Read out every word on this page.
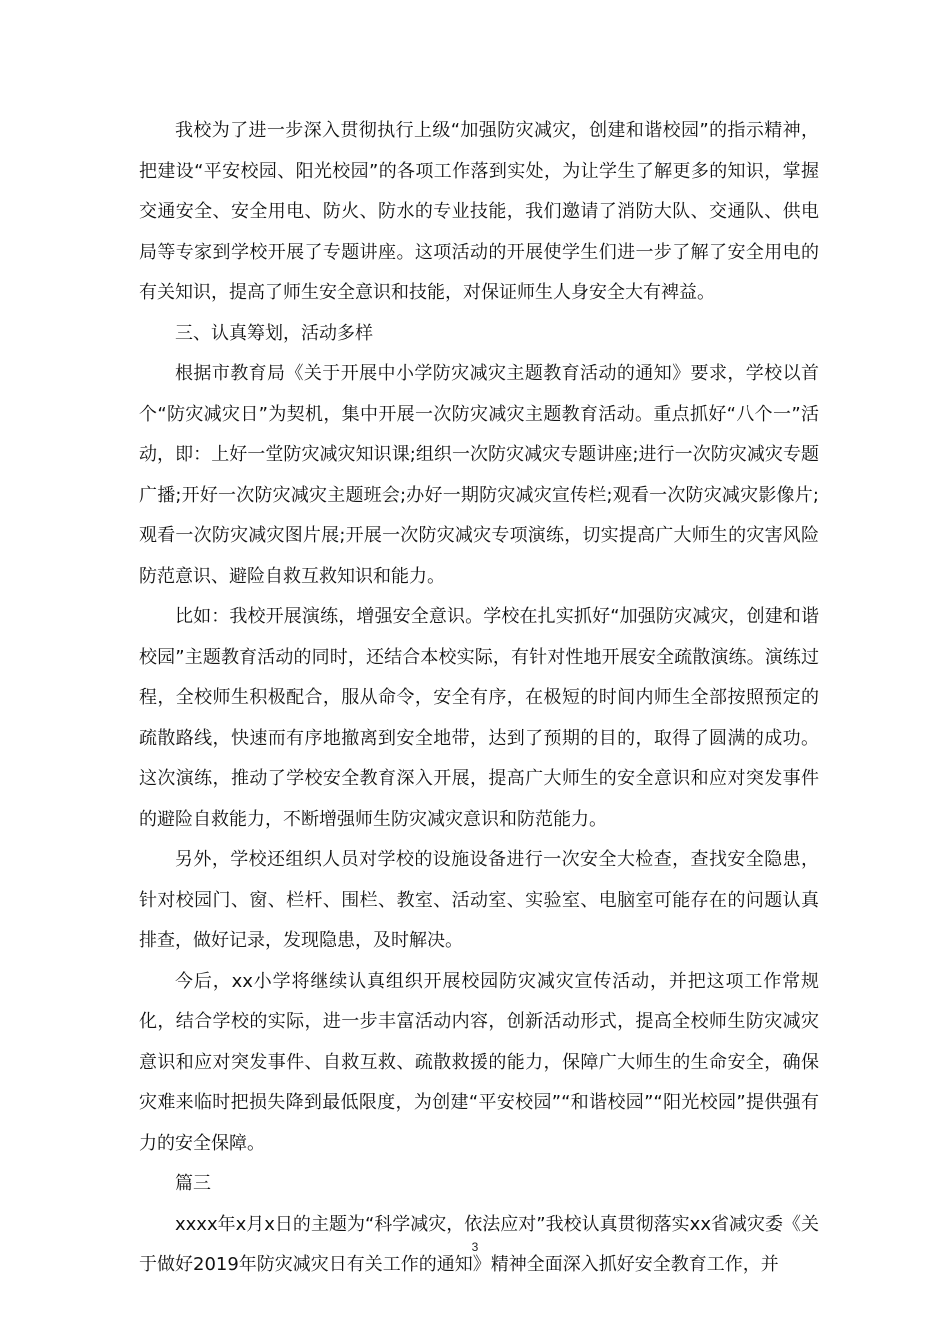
我校为了进一步深入贯彻执行上级“加强防灾减灾，创建和谐校园”的指示精神，把建设“平安校园、阳光校园”的各项工作落到实处，为让学生了解更多的知识，掌握交通安全、安全用电、防火、防水的专业技能，我们邀请了消防大队、交通队、供电局等专家到学校开展了专题讲座。这项活动的开展使学生们进一步了解了安全用电的有关知识，提高了师生安全意识和技能，对保证师生人身安全大有裨益。

三、认真筹划，活动多样

根据市教育局《关于开展中小学防灾减灾主题教育活动的通知》要求，学校以首个“防灾减灾日”为契机，集中开展一次防灾减灾主题教育活动。重点抓好“八个一”活动，即：上好一堂防灾减灾知识课;组织一次防灾减灾专题讲座;进行一次防灾减灾专题广播;开好一次防灾减灾主题班会;办好一期防灾减灾宣传栏;观看一次防灾减灾影像片;观看一次防灾减灾图片展;开展一次防灾减灾专项演练，切实提高广大师生的灾害风险防范意识、避险自救互救知识和能力。

比如：我校开展演练，增强安全意识。学校在扎实抓好“加强防灾减灾，创建和谐校园”主题教育活动的同时，还结合本校实际，有针对性地开展安全疏散演练。演练过程，全校师生积极配合，服从命令，安全有序，在极短的时间内师生全部按照预定的疏散路线，快速而有序地撤离到安全地带，达到了预期的目的，取得了圆满的成功。这次演练，推动了学校安全教育深入开展，提高广大师生的安全意识和应对突发事件的避险自救能力，不断增强师生防灾减灾意识和防范能力。

另外，学校还组织人员对学校的设施设备进行一次安全大检查，查找安全隐患，针对校园门、窗、栏杆、围栏、教室、活动室、实验室、电脑室可能存在的问题认真排查，做好记录，发现隐患，及时解决。

今后，xx小学将继续认真组织开展校园防灾减灾宣传活动，并把这项工作常规化，结合学校的实际，进一步丰富活动内容，创新活动形式，提高全校师生防灾减灾意识和应对突发事件、自救互救、疏散救援的能力，保障广大师生的生命安全，确保灾难来临时把损失降到最低限度，为创建“平安校园”“和谐校园”“阳光校园”提供强有力的安全保障。

篇三

xxxx年x月x日的主题为“科学减灾，依法应对”我校认真贯彻落实xx省减灾委《关于做好2019年防灾减灾日有关工作的通知》精神全面深入抓好安全教育工作，并

3
